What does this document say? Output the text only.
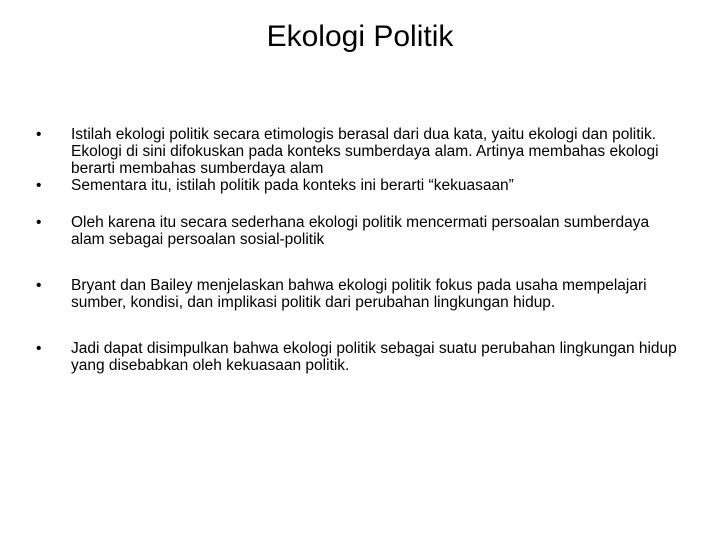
Ekologi Politik
• Istilah ekologi politik secara etimologis berasal dari dua kata, yaitu ekologi dan politik. Ekologi di sini difokuskan pada konteks sumberdaya alam. Artinya membahas ekologi berarti membahas sumberdaya alam
• Sementara itu, istilah politik pada konteks ini berarti “kekuasaan”
• Oleh karena itu secara sederhana ekologi politik mencermati persoalan sumberdaya alam sebagai persoalan sosial-politik
• Bryant dan Bailey menjelaskan bahwa ekologi politik fokus pada usaha mempelajari sumber, kondisi, dan implikasi politik dari perubahan lingkungan hidup.
• Jadi dapat disimpulkan bahwa ekologi politik sebagai suatu perubahan lingkungan hidup yang disebabkan oleh kekuasaan politik.
